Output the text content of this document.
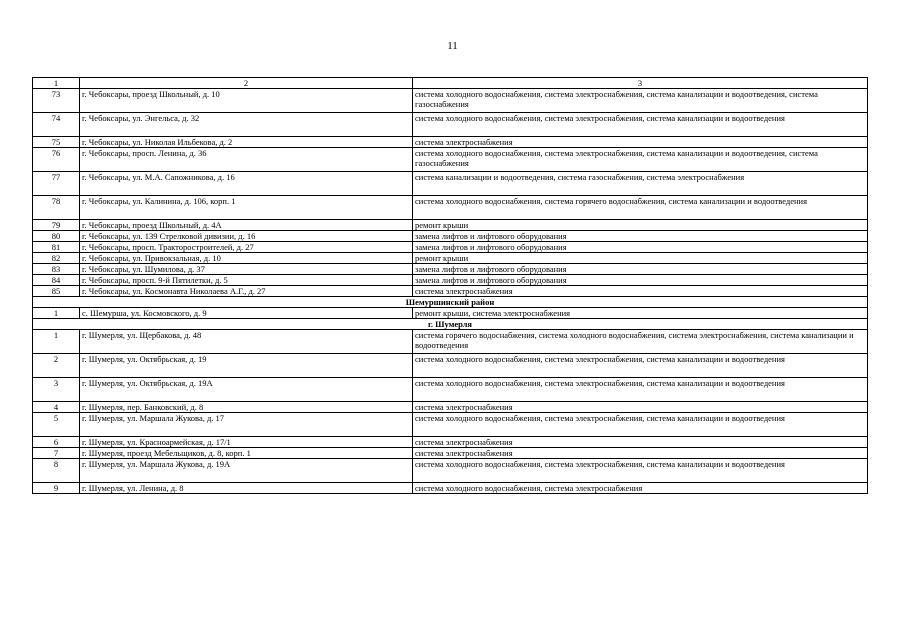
11
1	2	3
73	г. Чебоксары, проезд Школьный, д. 10	система холодного водоснабжения, система электроснабжения, система канализации и водоотведения, система газоснабжения
74	г. Чебоксары, ул. Энгельса, д. 32	система холодного водоснабжения, система электроснабжения, система канализации и водоотведения
75	г. Чебоксары, ул. Николая Ильбекова, д. 2	система электроснабжения
76	г. Чебоксары, просп. Ленина, д. 36	система холодного водоснабжения, система электроснабжения, система канализации и водоотведения, система газоснабжения
77	г. Чебоксары, ул. М.А. Сапожникова, д. 16	система канализации и водоотведения, система газоснабжения, система электроснабжения
78	г. Чебоксары, ул. Калинина, д. 106, корп. 1	система холодного водоснабжения, система горячего водоснабжения, система канализации и водоотведения
79	г. Чебоксары, проезд Школьный, д. 4А	ремонт крыши
80	г. Чебоксары, ул. 139 Стрелковой дивизии, д. 16	замена лифтов и лифтового оборудования
81	г. Чебоксары, просп. Тракторостроителей, д. 27	замена лифтов и лифтового оборудования
82	г. Чебоксары, ул. Привокзальная, д. 10	ремонт крыши
83	г. Чебоксары, ул. Шумилова, д. 37	замена лифтов и лифтового оборудования
84	г. Чебоксары, просп. 9-й Пятилетки, д. 5	замена лифтов и лифтового оборудования
85	г. Чебоксары, ул. Космонавта Николаева А.Г., д. 27	система электроснабжения
Шемуршинский район		
1	с. Шемурша, ул. Космовского, д. 9	ремонт крыши, система электроснабжения
г. Шумерля		
1	г. Шумерля, ул. Щербакова, д. 48	система горячего водоснабжения, система холодного водоснабжения, система электроснабжения, система канализации и водоотведения
2	г. Шумерля, ул. Октябрьская, д. 19	система холодного водоснабжения, система электроснабжения, система канализации и водоотведения
3	г. Шумерля, ул. Октябрьская, д. 19А	система холодного водоснабжения, система электроснабжения, система канализации и водоотведения
4	г. Шумерля, пер. Банковский, д. 8	система электроснабжения
5	г. Шумерля, ул. Маршала Жукова, д. 17	система холодного водоснабжения, система электроснабжения, система канализации и водоотведения
6	г. Шумерля, ул. Красноармейская, д. 17/1	система электроснабжения
7	г. Шумерля, проезд Мебельщиков, д. 8, корп. 1	система электроснабжения
8	г. Шумерля, ул. Маршала Жукова, д. 19А	система холодного водоснабжения, система электроснабжения, система канализации и водоотведения
9	г. Шумерля, ул. Ленина, д. 8	система холодного водоснабжения, система электроснабжения
